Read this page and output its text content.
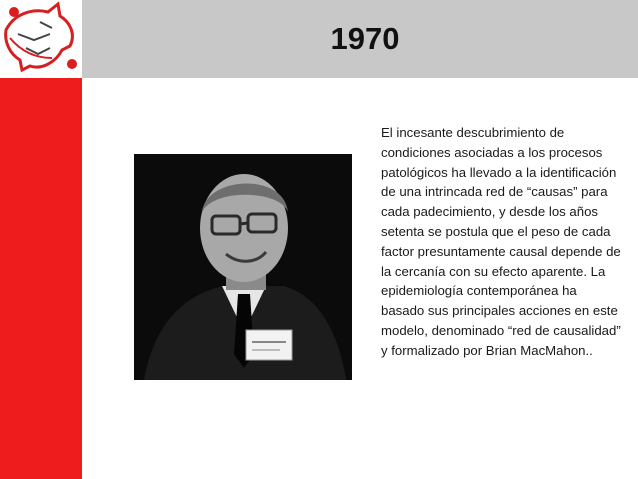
1970

El incesante descubrimiento de condiciones asociadas a los procesos patológicos ha llevado a la identificación de una intrincada red de “causas” para cada padecimiento, y desde los años setenta se postula que el peso de cada factor presuntamente causal depende de la cercanía con su efecto aparente. La epidemiología contemporánea ha basado sus principales acciones en este modelo, denominado “red de causalidad” y formalizado por Brian MacMahon..
